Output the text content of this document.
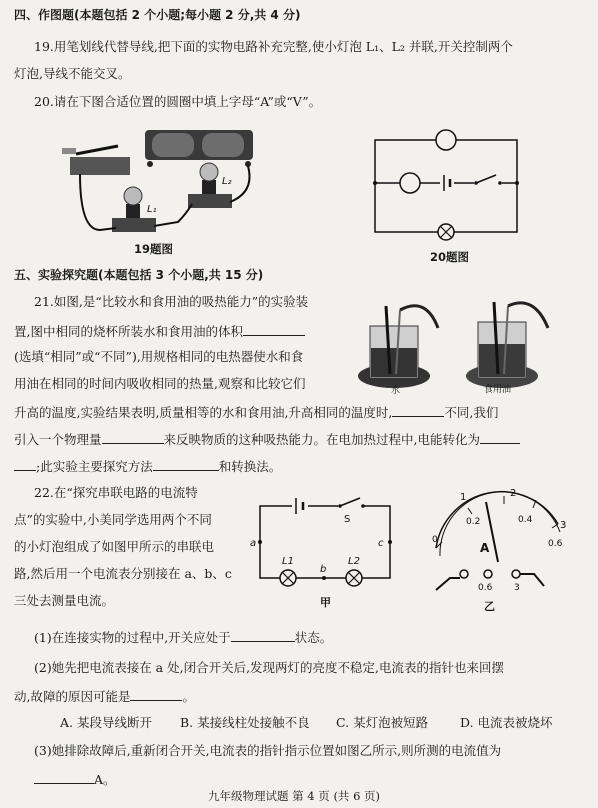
四、作图题(本题包括 2 个小题;每小题 2 分,共 4 分)
19.用笔划线代替导线,把下面的实物电路补充完整,使小灯泡 L₁、L₂ 并联,开关控制两个
灯泡,导线不能交叉。
20.请在下图合适位置的圆圈中填上字母“A”或“V”。
L₁
L₂
19题图
20题图
五、实验探究题(本题包括 3 个小题,共 15 分)
21.如图,是“比较水和食用油的吸热能力”的实验装
置,图中相同的烧杯所装水和食用油的体积
(选填“相同”或“不同”),用规格相同的电热器使水和食
用油在相同的时间内吸收相同的热量,观察和比较它们	水	食用油
升高的温度,实验结果表明,质量相等的水和食用油,升高相同的温度时,	不同,我们
引入一个物理量	来反映物质的这种吸热能力。在电加热过程中,电能转化为
;此实验主要探究方法	和转换法。
22.在“探究串联电路的电流特
点”的实验中,小美同学选用两个不同
的小灯泡组成了如图甲所示的串联电
路,然后用一个电流表分别接在 a、b、c
三处去测量电流。
S
a	c
L1
b
L2
甲
1	2
3
0
0.2	0.4
0.6
A
0.6 3
乙
(1)在连接实物的过程中,开关应处于	状态。
(2)她先把电流表接在 a 处,闭合开关后,发现两灯的亮度不稳定,电流表的指针也来回摆
动,故障的原因可能是	。
A. 某段导线断开 B. 某接线柱处接触不良 C. 某灯泡被短路	D. 电流表被烧坏
(3)她排除故障后,重新闭合开关,电流表的指针指示位置如图乙所示,则所测的电流值为
A。
九年级物理试题 第 4 页 (共 6 页)
